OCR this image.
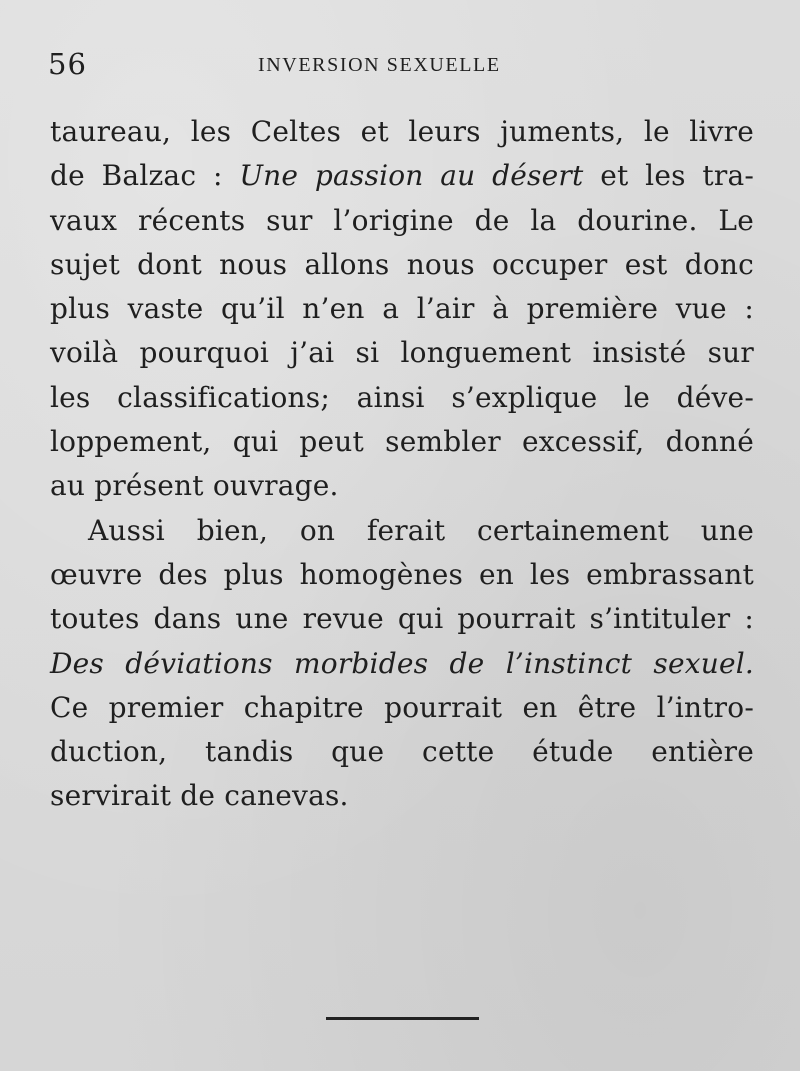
56	INVERSION SEXUELLE
taureau, les Celtes et leurs juments, le livre
de Balzac : Une passion au désert et les tra-
vaux récents sur l’origine de la dourine. Le
sujet dont nous allons nous occuper est donc
plus vaste qu’il n’en a l’air à première vue :
voilà pourquoi j’ai si longuement insisté sur
les classifications; ainsi s’explique le déve-
loppement, qui peut sembler excessif, donné
au présent ouvrage.
Aussi bien, on ferait certainement une
œuvre des plus homogènes en les embrassant
toutes dans une revue qui pourrait s’intituler :
Des déviations morbides de l’instinct sexuel.
Ce premier chapitre pourrait en être l’intro-
duction, tandis que cette étude entière
servirait de canevas.
